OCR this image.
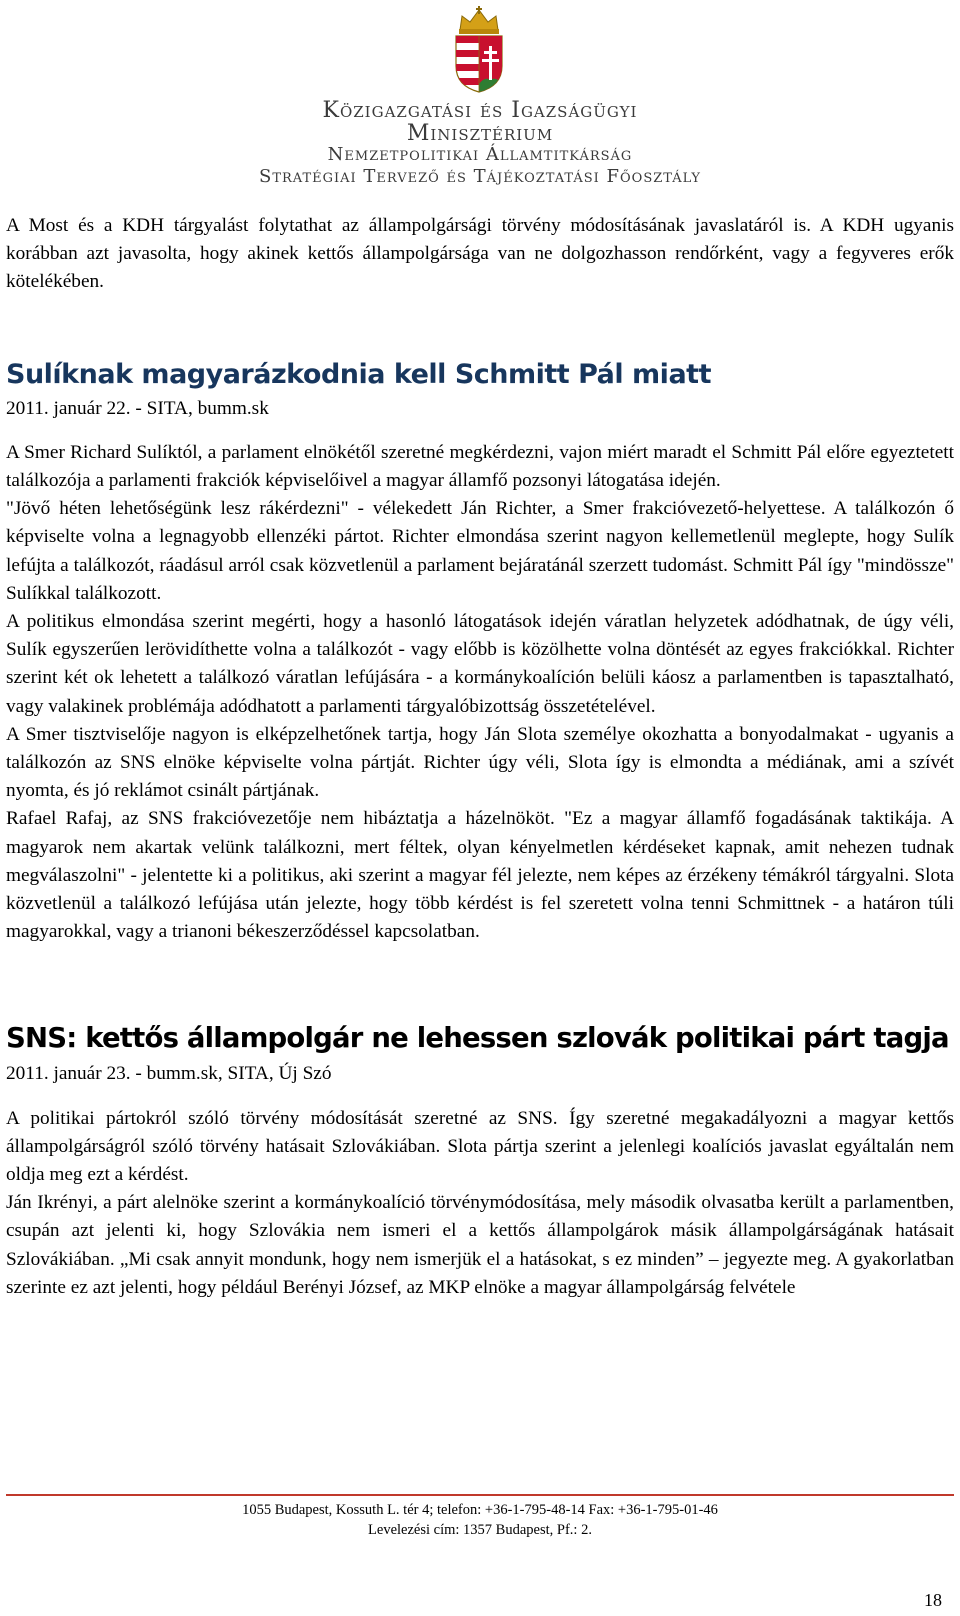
Közigazgatási és Igazságügyi
Minisztérium
Nemzetpolitikai Államtitkárság
Stratégiai Tervező és Tájékoztatási Főosztály

A Most és a KDH tárgyalást folytathat az állampolgársági törvény módosításának javaslatáról is. A KDH ugyanis korábban azt javasolta, hogy akinek kettős állampolgársága van ne dolgozhasson rendőrként, vagy a fegyveres erők kötelékében.

Sulíknak magyarázkodnia kell Schmitt Pál miatt

2011. január 22. - SITA, bumm.sk

A Smer Richard Sulíktól, a parlament elnökétől szeretné megkérdezni, vajon miért maradt el Schmitt Pál előre egyeztetett találkozója a parlamenti frakciók képviselőivel a magyar államfő pozsonyi látogatása idején.

"Jövő héten lehetőségünk lesz rákérdezni" - vélekedett Ján Richter, a Smer frakcióvezető-helyettese. A találkozón ő képviselte volna a legnagyobb ellenzéki pártot. Richter elmondása szerint nagyon kellemetlenül meglepte, hogy Sulík lefújta a találkozót, ráadásul arról csak közvetlenül a parlament bejáratánál szerzett tudomást. Schmitt Pál így "mindössze" Sulíkkal találkozott.

A politikus elmondása szerint megérti, hogy a hasonló látogatások idején váratlan helyzetek adódhatnak, de úgy véli, Sulík egyszerűen lerövidíthette volna a találkozót - vagy előbb is közölhette volna döntését az egyes frakciókkal. Richter szerint két ok lehetett a találkozó váratlan lefújására - a kormánykoalíción belüli káosz a parlamentben is tapasztalható, vagy valakinek problémája adódhatott a parlamenti tárgyalóbizottság összetételével.

A Smer tisztviselője nagyon is elképzelhetőnek tartja, hogy Ján Slota személye okozhatta a bonyodalmakat - ugyanis a találkozón az SNS elnöke képviselte volna pártját. Richter úgy véli, Slota így is elmondta a médiának, ami a szívét nyomta, és jó reklámot csinált pártjának.

Rafael Rafaj, az SNS frakcióvezetője nem hibáztatja a házelnököt. "Ez a magyar államfő fogadásának taktikája. A magyarok nem akartak velünk találkozni, mert féltek, olyan kényelmetlen kérdéseket kapnak, amit nehezen tudnak megválaszolni" - jelentette ki a politikus, aki szerint a magyar fél jelezte, nem képes az érzékeny témákról tárgyalni. Slota közvetlenül a találkozó lefújása után jelezte, hogy több kérdést is fel szeretett volna tenni Schmittnek - a határon túli magyarokkal, vagy a trianoni békeszerződéssel kapcsolatban.

SNS: kettős állampolgár ne lehessen szlovák politikai párt tagja

2011. január 23. - bumm.sk, SITA, Új Szó

A politikai pártokról szóló törvény módosítását szeretné az SNS. Így szeretné megakadályozni a magyar kettős állampolgárságról szóló törvény hatásait Szlovákiában. Slota pártja szerint a jelenlegi koalíciós javaslat egyáltalán nem oldja meg ezt a kérdést.

Ján Ikrényi, a párt alelnöke szerint a kormánykoalíció törvénymódosítása, mely második olvasatba került a parlamentben, csupán azt jelenti ki, hogy Szlovákia nem ismeri el a kettős állampolgárok másik állampolgárságának hatásait Szlovákiában. „Mi csak annyit mondunk, hogy nem ismerjük el a hatásokat, s ez minden” – jegyezte meg. A gyakorlatban szerinte ez azt jelenti, hogy például Berényi József, az MKP elnöke a magyar állampolgárság felvétele

1055 Budapest, Kossuth L. tér 4; telefon: +36-1-795-48-14 Fax: +36-1-795-01-46
Levelezési cím: 1357 Budapest, Pf.: 2.
18
